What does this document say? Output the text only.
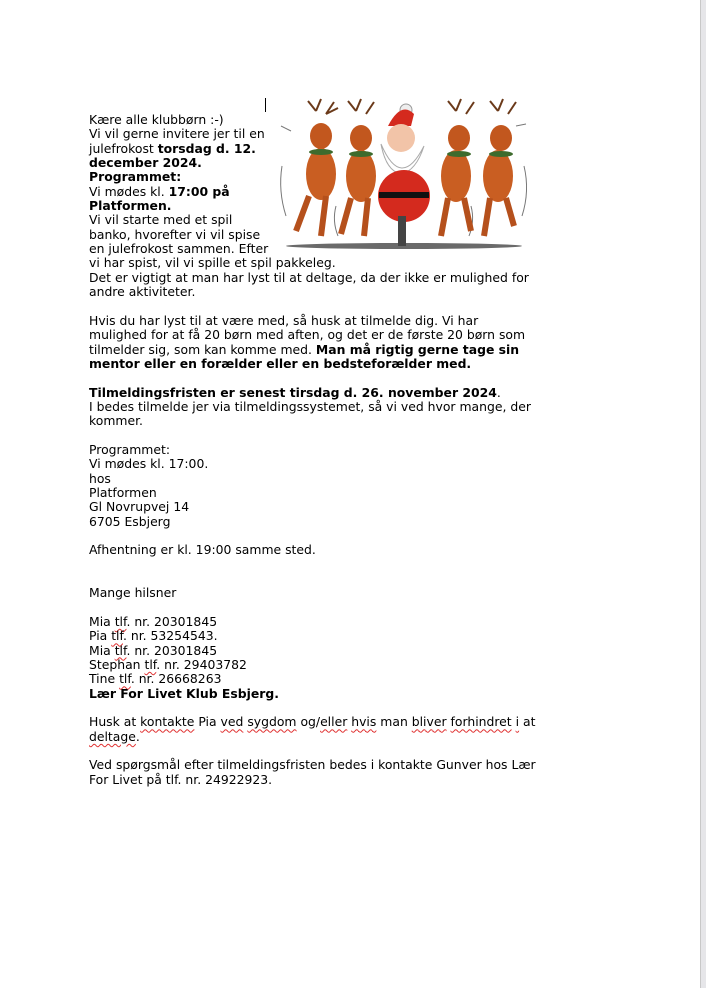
Kære alle klubbørn :-)

Vi vil gerne invitere jer til en julefrokost torsdag d. 12. december 2024.

Programmet:

Vi mødes kl. 17:00 på Platformen.

Vi vil starte med et spil banko, hvorefter vi vil spise en julefrokost sammen. Efter

vi har spist, vil vi spille et spil pakkeleg.

Det er vigtigt at man har lyst til at deltage, da der ikke er mulighed for andre aktiviteter.

Hvis du har lyst til at være med, så husk at tilmelde dig. Vi har mulighed for at få 20 børn med aften, og det er de første 20 børn som tilmelder sig, som kan komme med. Man må rigtig gerne tage sin mentor eller en forælder eller en bedsteforælder med.

Tilmeldingsfristen er senest tirsdag d. 26. november 2024.

I bedes tilmelde jer via tilmeldingssystemet, så vi ved hvor mange, der kommer.

Programmet:

Vi mødes kl. 17:00.

hos

Platformen

Gl Novrupvej 14

6705 Esbjerg

Afhentning er kl. 19:00 samme sted.

Mange hilsner

Mia tlf. nr. 20301845

Pia tlf. nr. 53254543.

Mia tlf. nr. 20301845

Stephan tlf. nr. 29403782

Tine tlf. nr. 26668263

Lær For Livet Klub Esbjerg.

Husk at kontakte Pia ved sygdom og/eller hvis man bliver forhindret i at deltage.

Ved spørgsmål efter tilmeldingsfristen bedes i kontakte Gunver hos Lær For Livet på tlf. nr. 24922923.
